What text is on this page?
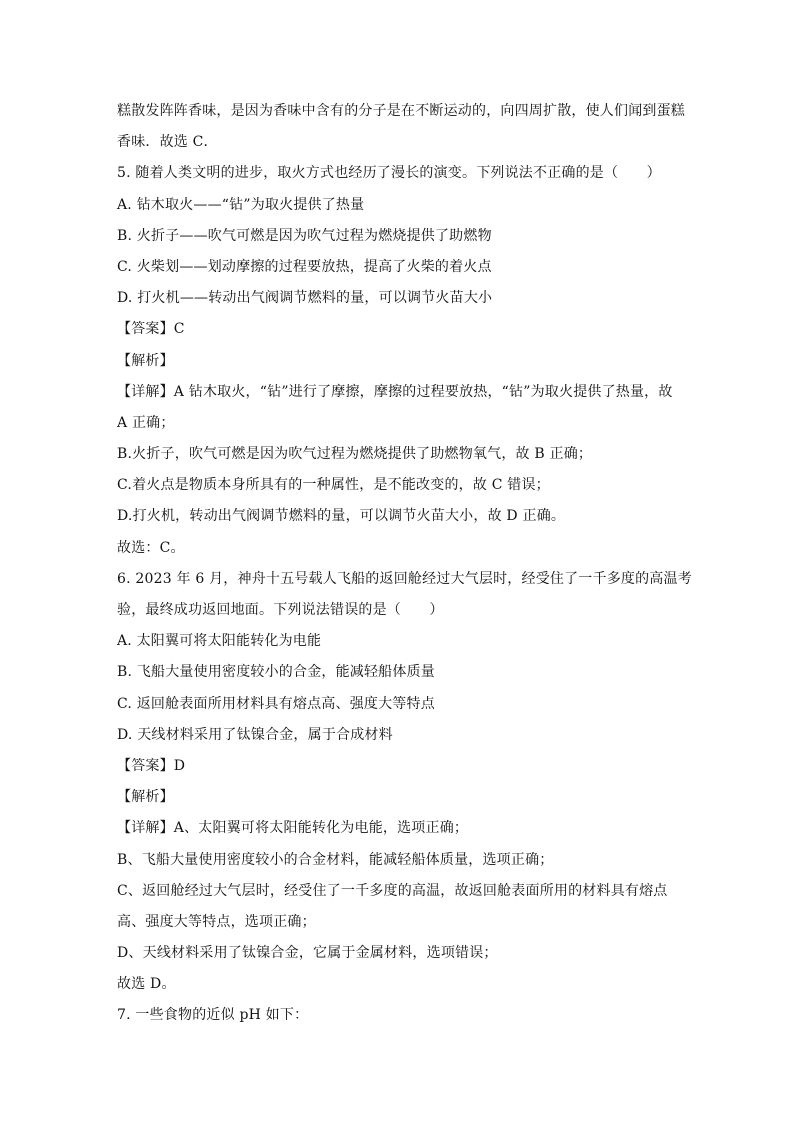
糕散发阵阵香味，是因为香味中含有的分子是在不断运动的，向四周扩散，使人们闻到蛋糕
香味．故选 C．
5. 随着人类文明的进步，取火方式也经历了漫长的演变。下列说法不正确的是（　　）
A. 钻木取火——“钻”为取火提供了热量
B. 火折子——吹气可燃是因为吹气过程为燃烧提供了助燃物
C. 火柴划——划动摩擦的过程要放热，提高了火柴的着火点
D. 打火机——转动出气阀调节燃料的量，可以调节火苗大小
【答案】C
【解析】
【详解】A 钻木取火，“钻”进行了摩擦，摩擦的过程要放热，“钻”为取火提供了热量，故
A 正确；
B.火折子，吹气可燃是因为吹气过程为燃烧提供了助燃物氧气，故 B 正确；
C.着火点是物质本身所具有的一种属性，是不能改变的，故 C 错误；
D.打火机，转动出气阀调节燃料的量，可以调节火苗大小，故 D 正确。
故选：C。
6. 2023 年 6 月，神舟十五号载人飞船的返回舱经过大气层时，经受住了一千多度的高温考
验，最终成功返回地面。下列说法错误的是（　　）
A. 太阳翼可将太阳能转化为电能
B. 飞船大量使用密度较小的合金，能减轻船体质量
C. 返回舱表面所用材料具有熔点高、强度大等特点
D. 天线材料采用了钛镍合金，属于合成材料
【答案】D
【解析】
【详解】A、太阳翼可将太阳能转化为电能，选项正确；
B、飞船大量使用密度较小的合金材料，能减轻船体质量，选项正确；
C、返回舱经过大气层时，经受住了一千多度的高温，故返回舱表面所用的材料具有熔点
高、强度大等特点，选项正确；
D、天线材料采用了钛镍合金，它属于金属材料，选项错误；
故选 D。
7. 一些食物的近似 pH 如下：
